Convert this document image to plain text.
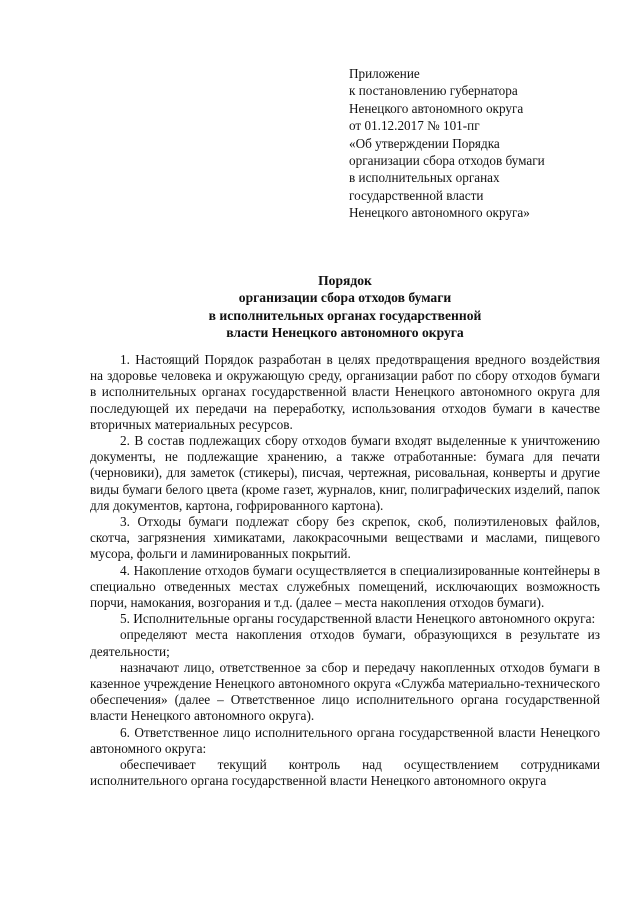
Приложение
к постановлению губернатора
Ненецкого автономного округа
от 01.12.2017 № 101-пг
«Об утверждении Порядка
организации сбора отходов бумаги
в исполнительных органах
государственной власти
Ненецкого автономного округа»
Порядок
организации сбора отходов бумаги
в исполнительных органах государственной
власти Ненецкого автономного округа

1. Настоящий Порядок разработан в целях предотвращения вредного воздействия на здоровье человека и окружающую среду, организации работ по сбору отходов бумаги в исполнительных органах государственной власти Ненецкого автономного округа для последующей их передачи на переработку, использования отходов бумаги в качестве вторичных материальных ресурсов.

2. В состав подлежащих сбору отходов бумаги входят выделенные к уничтожению документы, не подлежащие хранению, а также отработанные: бумага для печати (черновики), для заметок (стикеры), писчая, чертежная, рисовальная, конверты и другие виды бумаги белого цвета (кроме газет, журналов, книг, полиграфических изделий, папок для документов, картона, гофрированного картона).

3. Отходы бумаги подлежат сбору без скрепок, скоб, полиэтиленовых файлов, скотча, загрязнения химикатами, лакокрасочными веществами и маслами, пищевого мусора, фольги и ламинированных покрытий.

4. Накопление отходов бумаги осуществляется в специализированные контейнеры в специально отведенных местах служебных помещений, исключающих возможность порчи, намокания, возгорания и т.д. (далее – места накопления отходов бумаги).

5. Исполнительные органы государственной власти Ненецкого автономного округа:

определяют места накопления отходов бумаги, образующихся в результате из деятельности;

назначают лицо, ответственное за сбор и передачу накопленных отходов бумаги в казенное учреждение Ненецкого автономного округа «Служба материально-технического обеспечения» (далее – Ответственное лицо исполнительного органа государственной власти Ненецкого автономного округа).

6. Ответственное лицо исполнительного органа государственной власти Ненецкого автономного округа:

обеспечивает текущий контроль над осуществлением сотрудниками исполнительного органа государственной власти Ненецкого автономного округа
